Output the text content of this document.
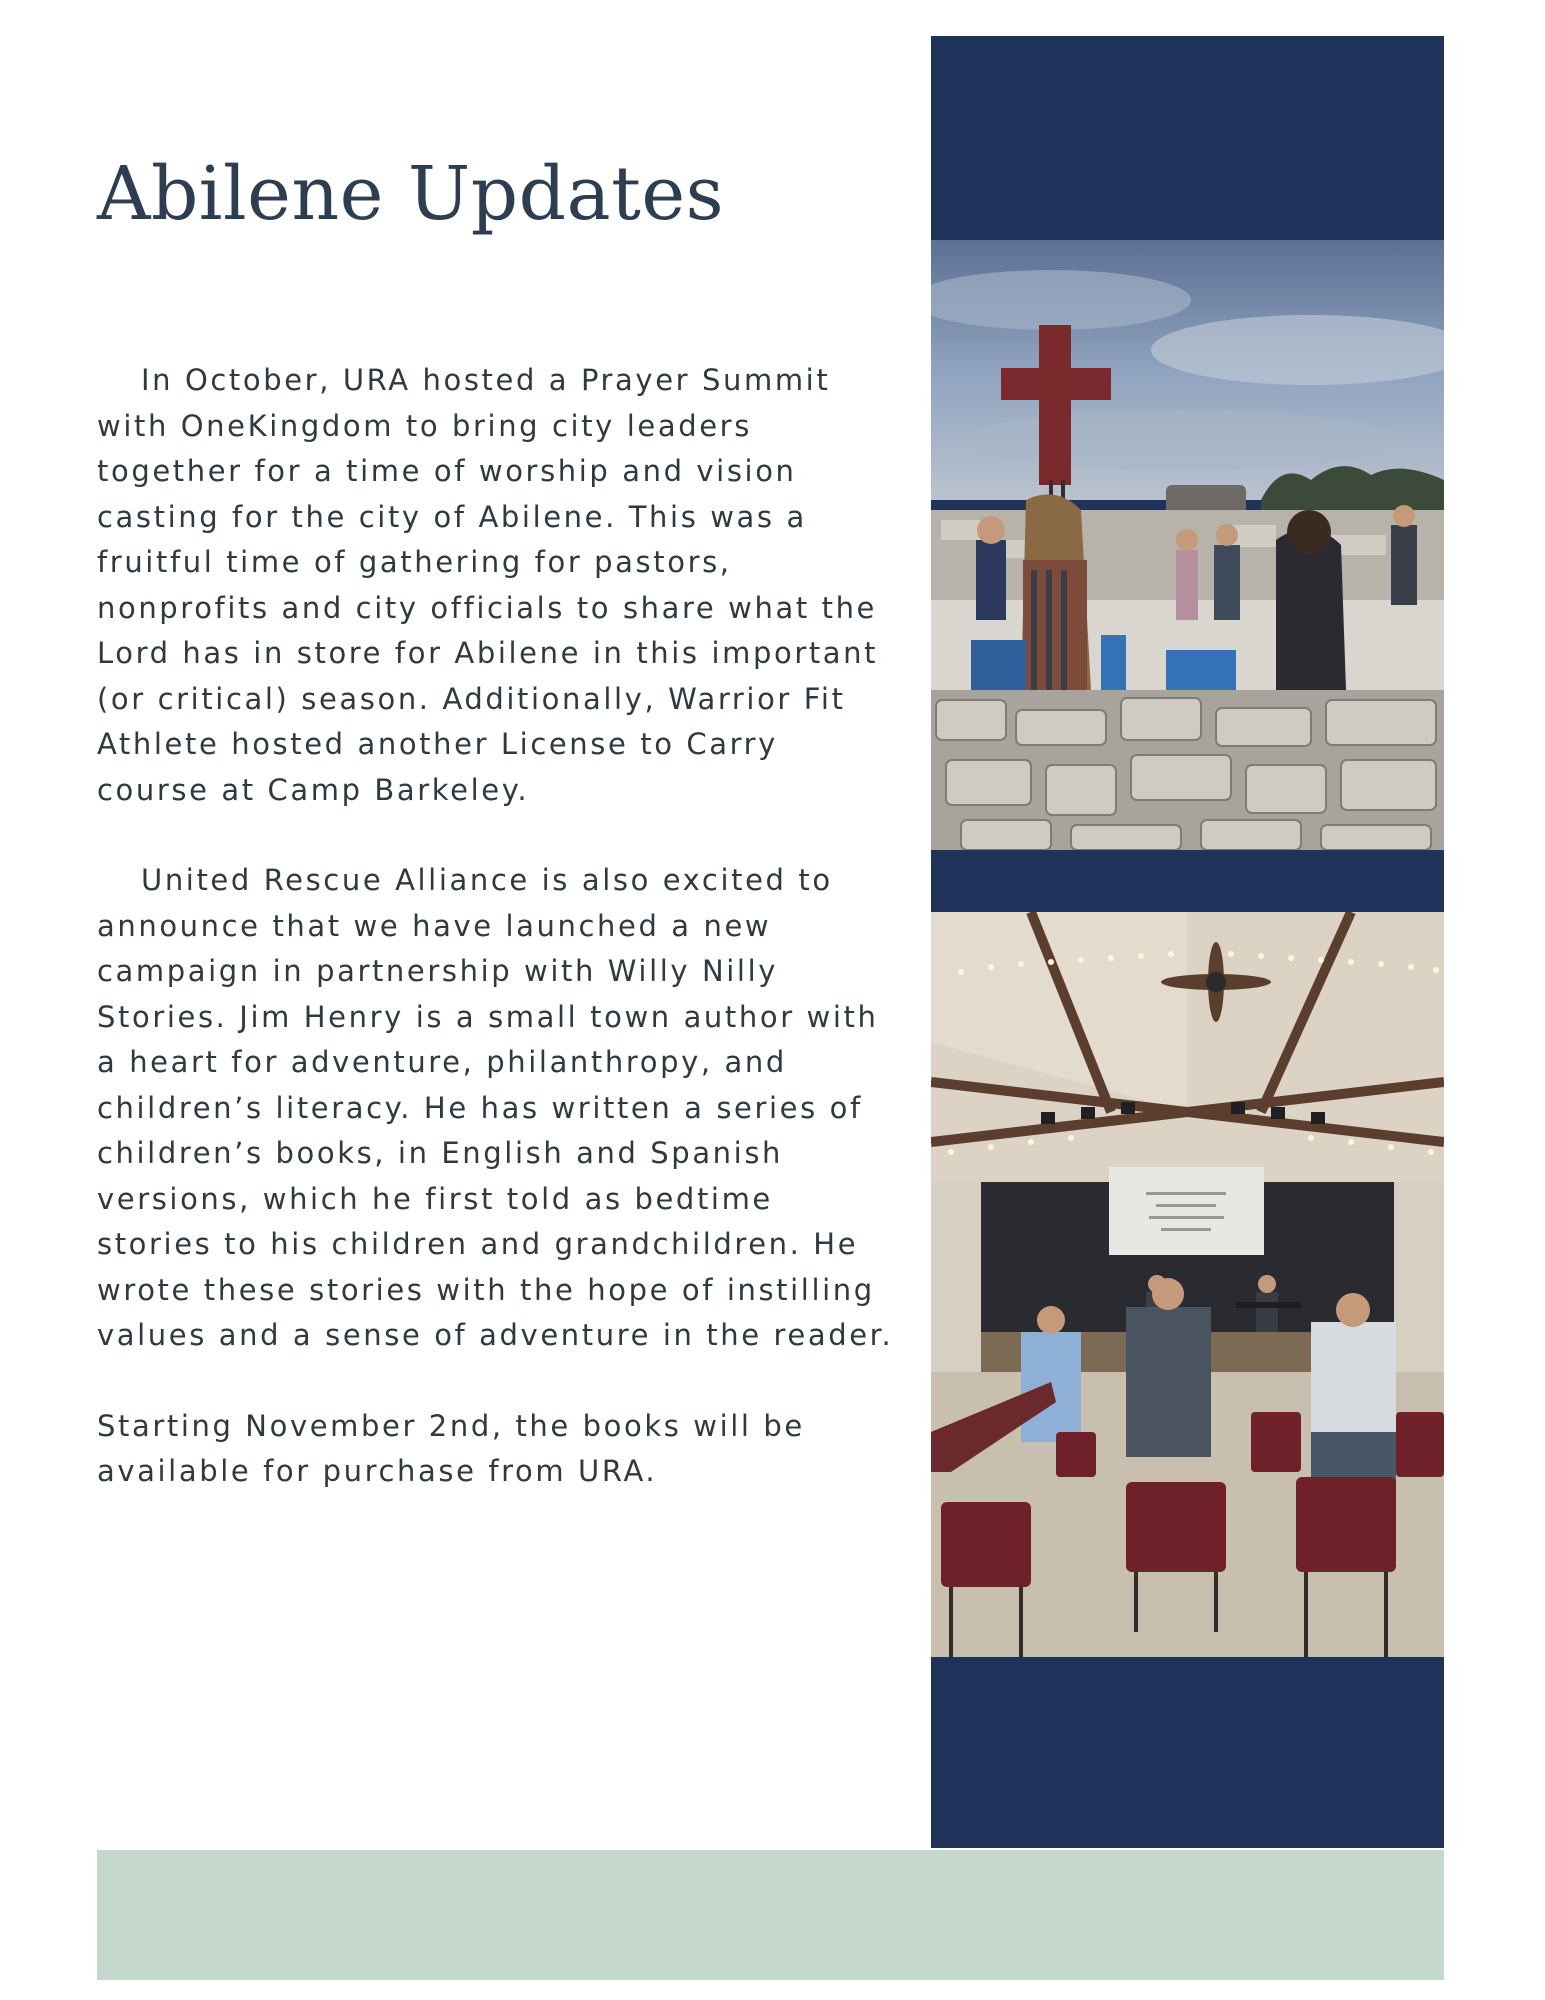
Abilene Updates

In October, URA hosted a Prayer Summit with OneKingdom to bring city leaders together for a time of worship and vision casting for the city of Abilene. This was a fruitful time of gathering for pastors, nonprofits and city officials to share what the Lord has in store for Abilene in this important (or critical) season. Additionally, Warrior Fit Athlete hosted another License to Carry course at Camp Barkeley.

United Rescue Alliance is also excited to announce that we have launched a new campaign in partnership with Willy Nilly Stories. Jim Henry is a small town author with a heart for adventure, philanthropy, and children’s literacy. He has written a series of children’s books, in English and Spanish versions, which he first told as bedtime stories to his children and grandchildren. He wrote these stories with the hope of instilling values and a sense of adventure in the reader.

Starting November 2nd, the books will be available for purchase from URA.
